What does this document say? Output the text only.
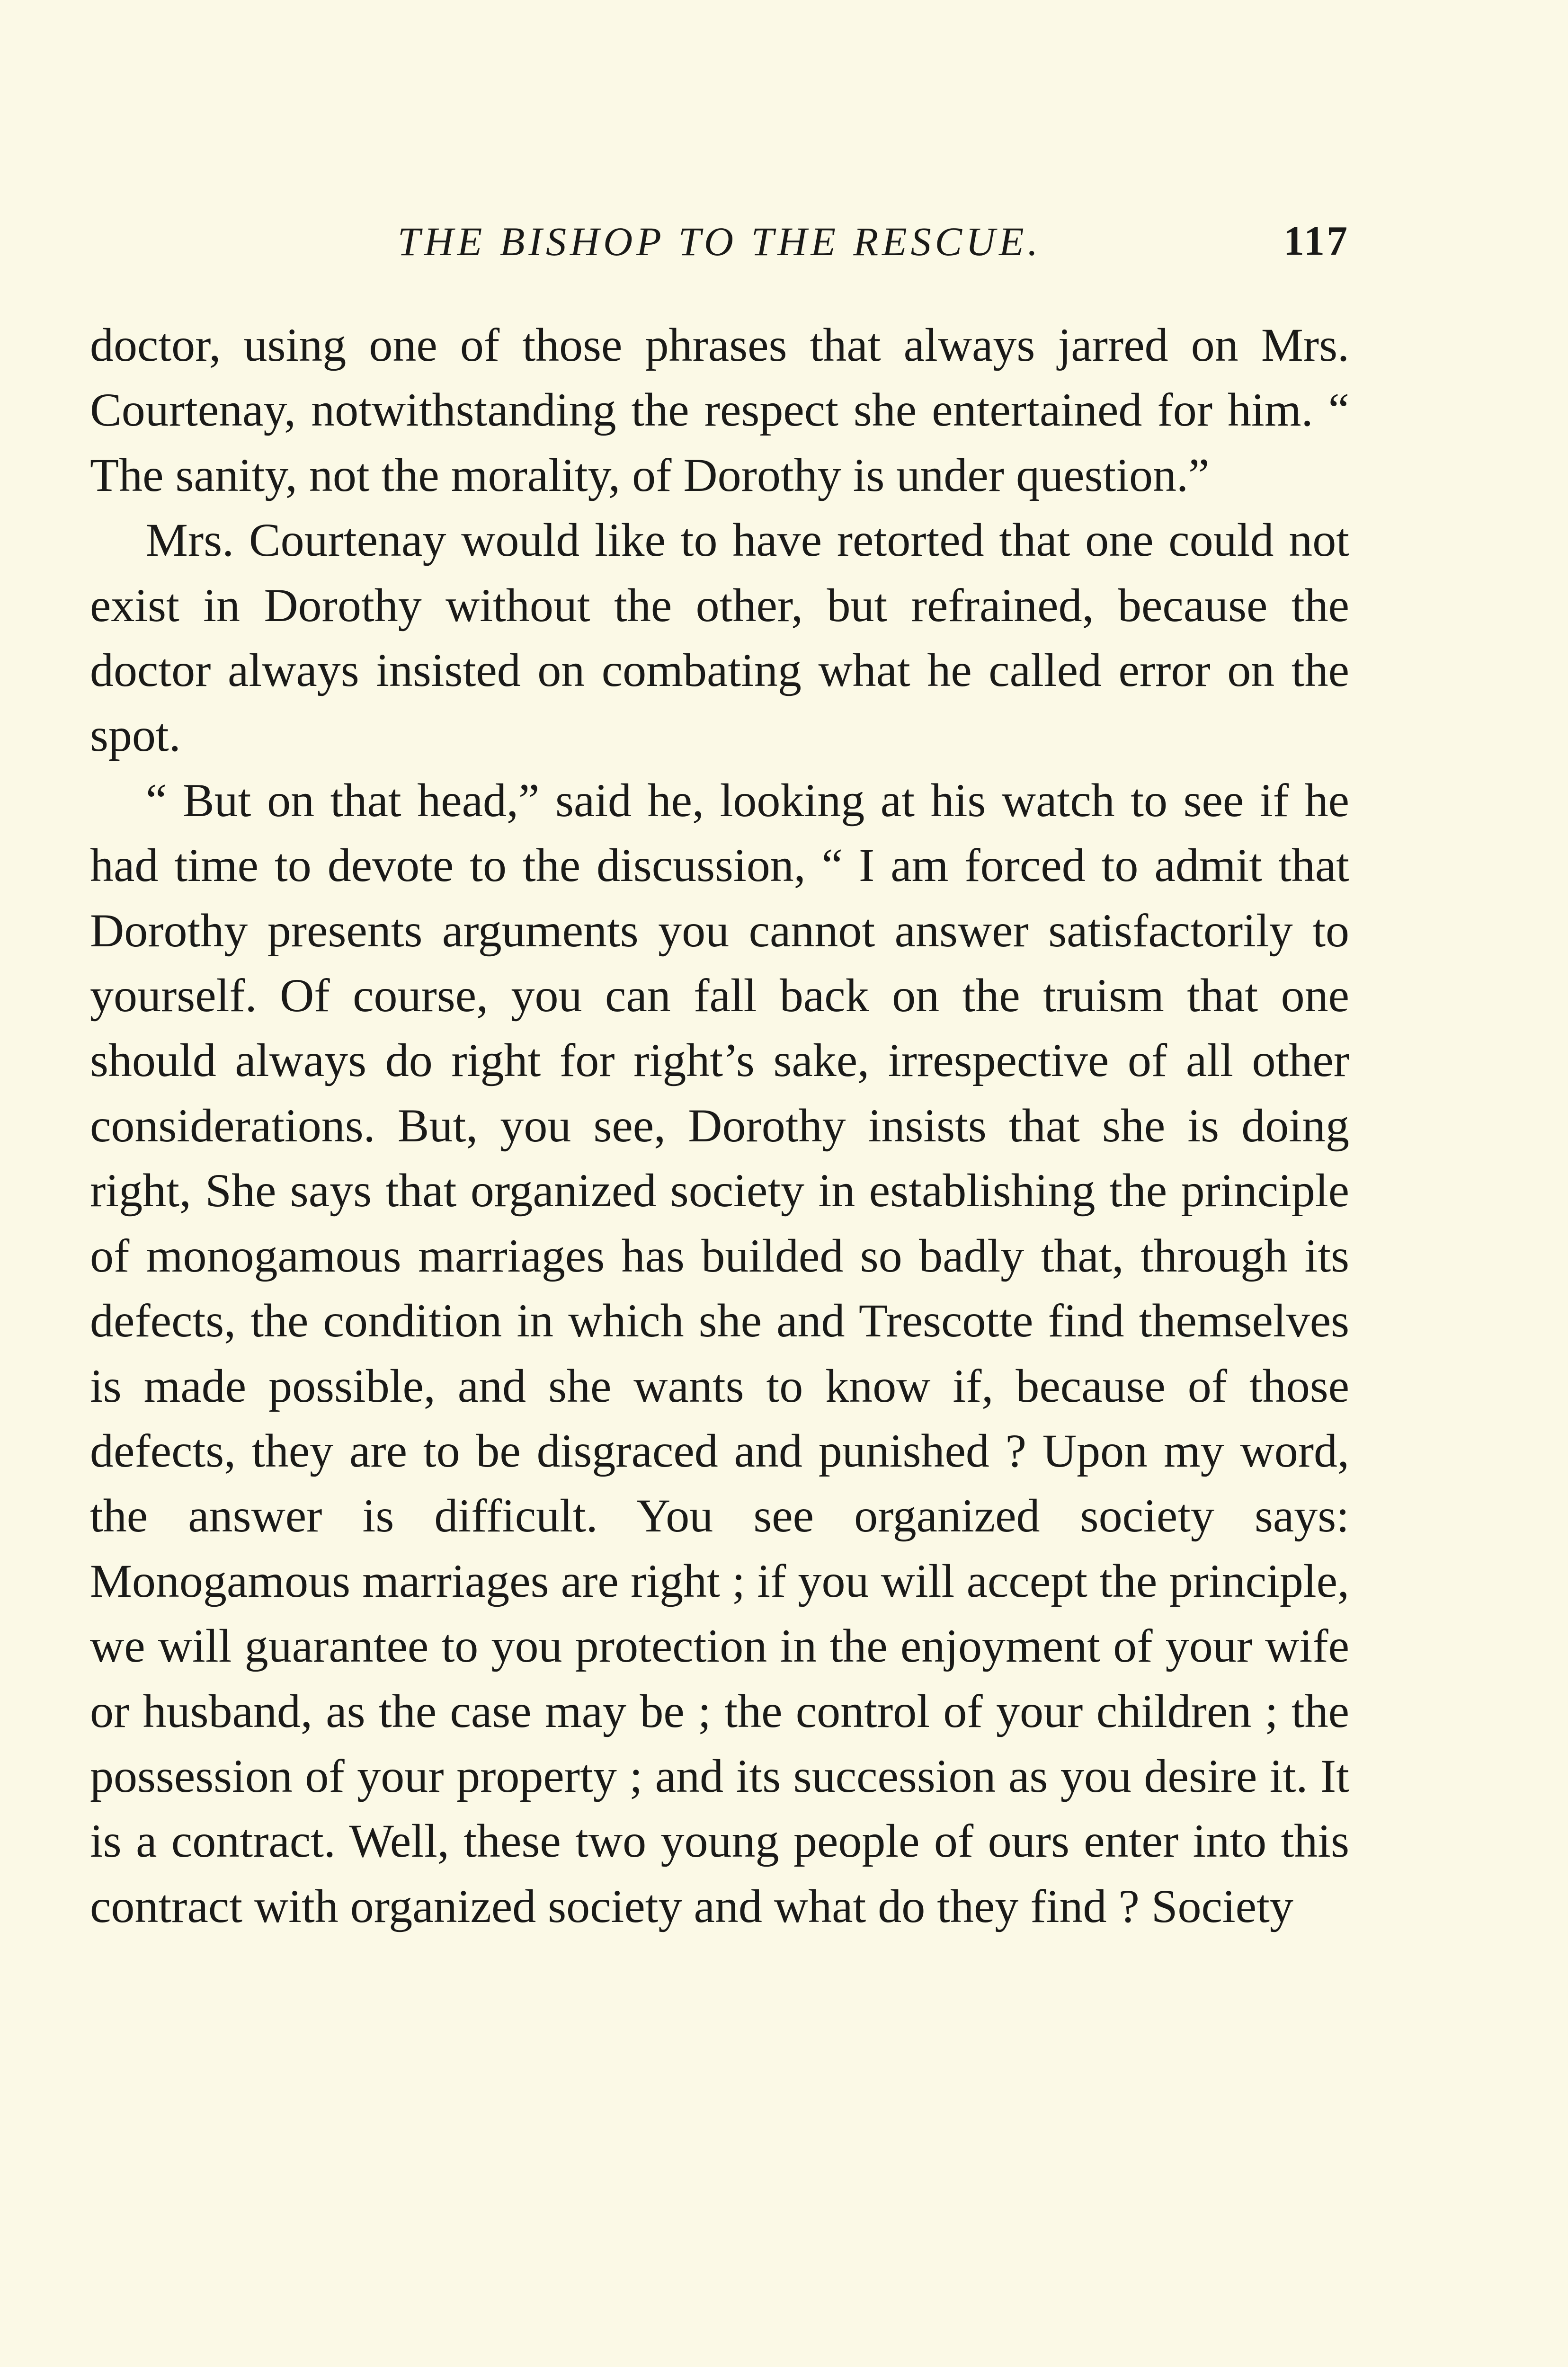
THE BISHOP TO THE RESCUE.	117

doctor, using one of those phrases that always jarred on Mrs. Courtenay, notwithstanding the respect she entertained for him. “ The sanity, not the morality, of Dorothy is under question.”

Mrs. Courtenay would like to have retorted that one could not exist in Dorothy without the other, but refrained, because the doctor always insisted on combating what he called error on the spot.

“ But on that head,” said he, looking at his watch to see if he had time to devote to the discussion, “ I am forced to admit that Dorothy presents arguments you cannot answer satisfactorily to yourself. Of course, you can fall back on the truism that one should always do right for right’s sake, irrespective of all other considerations. But, you see, Dorothy insists that she is doing right, She says that organized society in establishing the principle of monogamous marriages has builded so badly that, through its defects, the condition in which she and Trescotte find themselves is made possible, and she wants to know if, because of those defects, they are to be disgraced and punished ? Upon my word, the answer is difficult. You see organized society says: Monogamous marriages are right ; if you will accept the principle, we will guarantee to you protection in the enjoyment of your wife or husband, as the case may be ; the control of your children ; the possession of your property ; and its succession as you desire it. It is a contract. Well, these two young people of ours enter into this contract with organized society and what do they find ? Society
